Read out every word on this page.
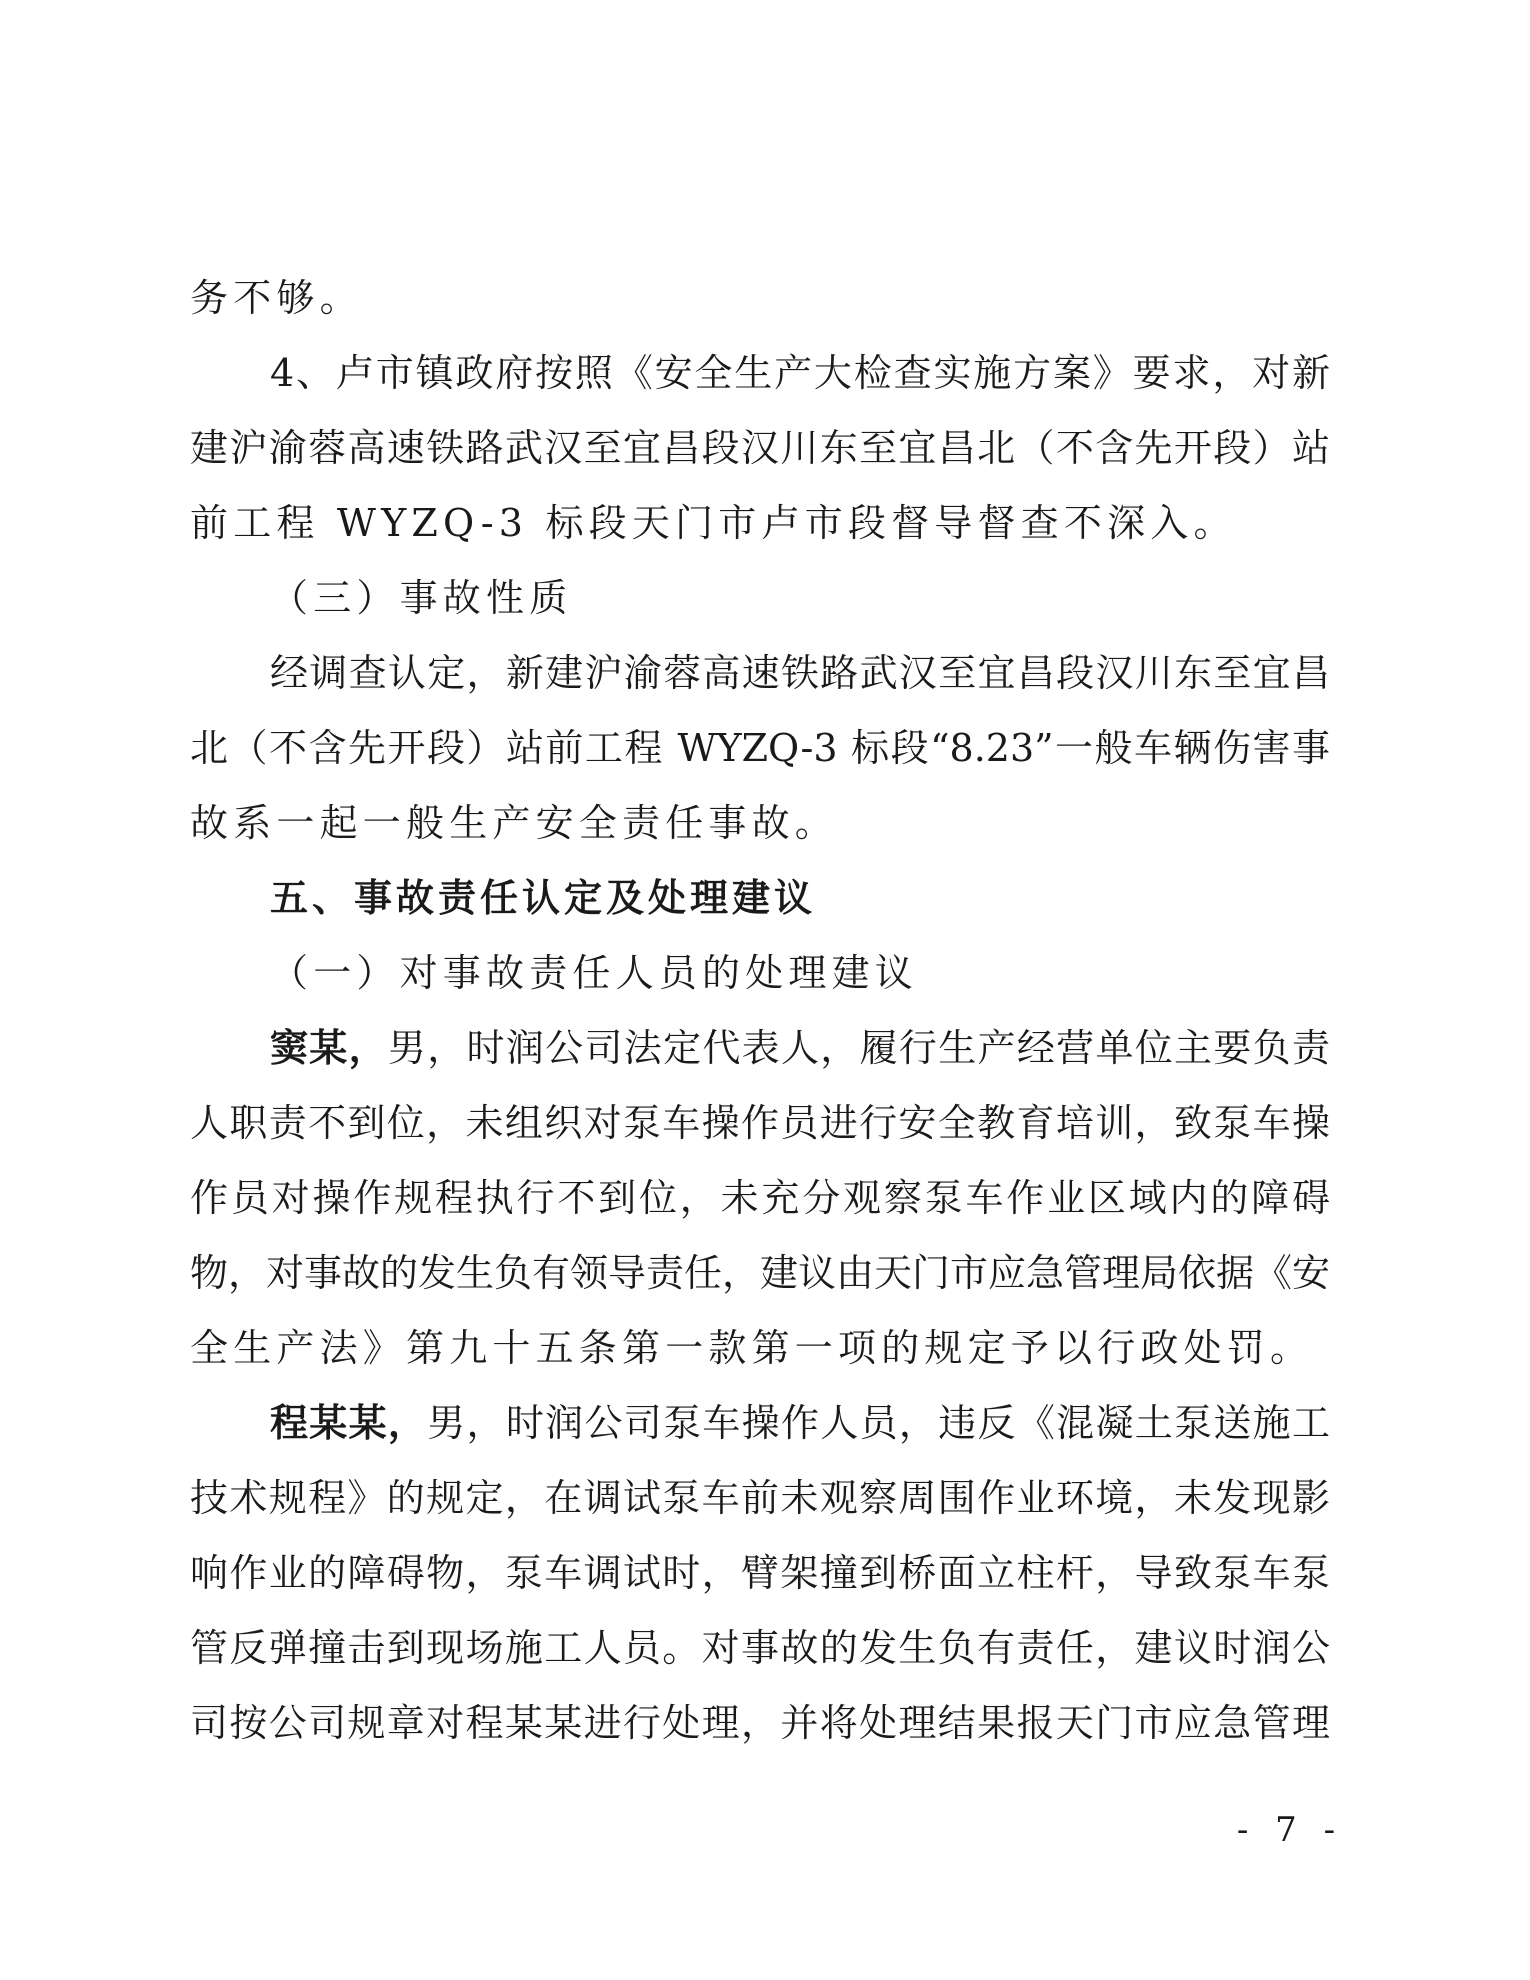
务不够。
4、卢市镇政府按照《安全生产大检查实施方案》要求，对新
建沪渝蓉高速铁路武汉至宜昌段汉川东至宜昌北（不含先开段）站
前工程 WYZQ-3 标段天门市卢市段督导督查不深入。
（三）事故性质
经调查认定，新建沪渝蓉高速铁路武汉至宜昌段汉川东至宜昌
北（不含先开段）站前工程 WYZQ-3 标段“8.23”一般车辆伤害事
故系一起一般生产安全责任事故。
五、事故责任认定及处理建议
（一）对事故责任人员的处理建议
窦某，男，时润公司法定代表人，履行生产经营单位主要负责
人职责不到位，未组织对泵车操作员进行安全教育培训，致泵车操
作员对操作规程执行不到位，未充分观察泵车作业区域内的障碍
物，对事故的发生负有领导责任，建议由天门市应急管理局依据《安
全生产法》第九十五条第一款第一项的规定予以行政处罚。
程某某，男，时润公司泵车操作人员，违反《混凝土泵送施工
技术规程》的规定，在调试泵车前未观察周围作业环境，未发现影
响作业的障碍物，泵车调试时，臂架撞到桥面立柱杆，导致泵车泵
管反弹撞击到现场施工人员。对事故的发生负有责任，建议时润公
司按公司规章对程某某进行处理，并将处理结果报天门市应急管理
- 7 -
